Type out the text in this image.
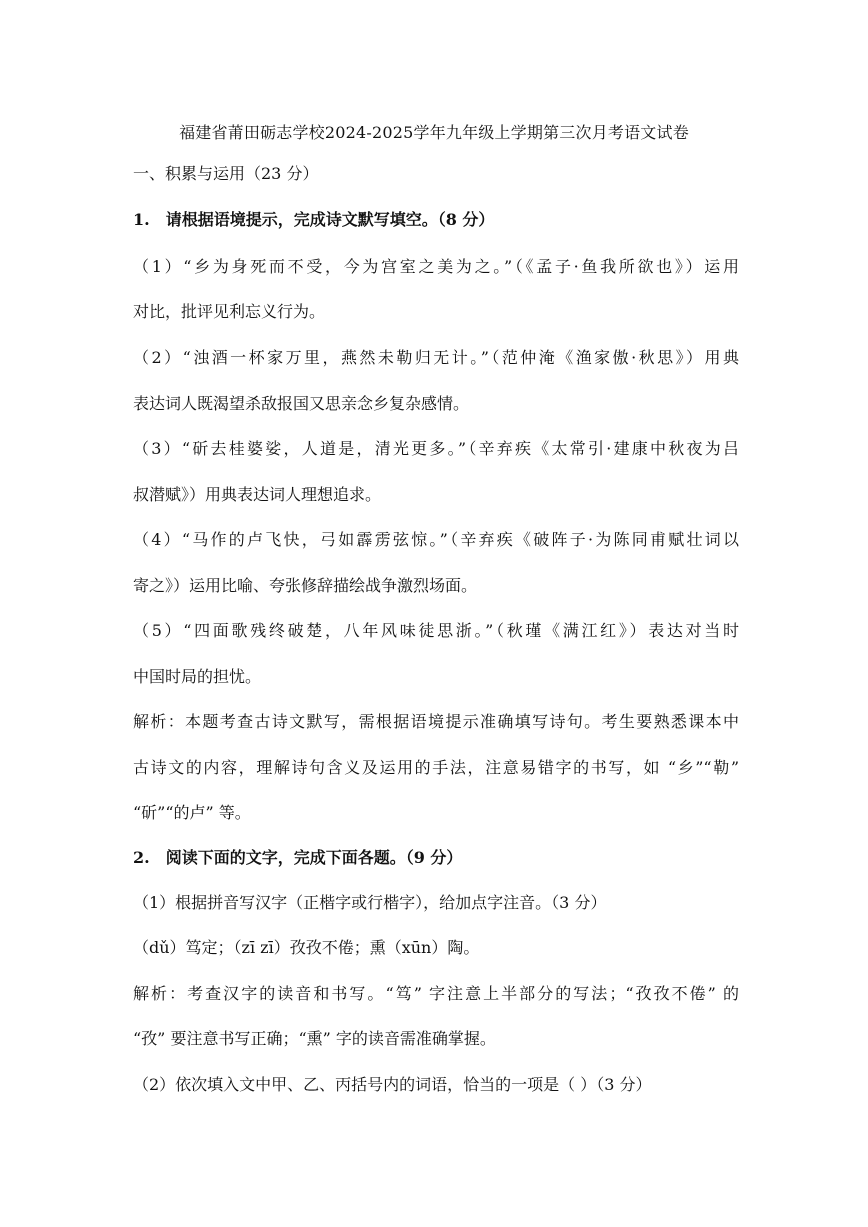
福建省莆田砺志学校2024-2025学年九年级上学期第三次月考语文试卷
一、积累与运用（23 分）
1.　请根据语境提示，完成诗文默写填空。（8 分）
（1）“乡为身死而不受，今为宫室之美为之。”（《孟子·鱼我所欲也》）运用
对比，批评见利忘义行为。
（2）“浊酒一杯家万里，燕然未勒归无计。”（范仲淹《渔家傲·秋思》）用典
表达词人既渴望杀敌报国又思亲念乡复杂感情。
（3）“斫去桂婆娑，人道是，清光更多。”（辛弃疾《太常引·建康中秋夜为吕
叔潜赋》）用典表达词人理想追求。
（4）“马作的卢飞快，弓如霹雳弦惊。”（辛弃疾《破阵子·为陈同甫赋壮词以
寄之》）运用比喻、夸张修辞描绘战争激烈场面。
（5）“四面歌残终破楚，八年风味徒思浙。”（秋瑾《满江红》）表达对当时
中国时局的担忧。
解析：本题考查古诗文默写，需根据语境提示准确填写诗句。考生要熟悉课本中
古诗文的内容，理解诗句含义及运用的手法，注意易错字的书写，如 “乡”“勒”
“斫”“的卢” 等。
2.　阅读下面的文字，完成下面各题。（9 分）
（1）根据拼音写汉字（正楷字或行楷字），给加点字注音。（3 分）
（dǔ）笃定；（zī zī）孜孜不倦；熏（xūn）陶。
解析：考查汉字的读音和书写。“笃” 字注意上半部分的写法；“孜孜不倦” 的
“孜” 要注意书写正确；“熏” 字的读音需准确掌握。
（2）依次填入文中甲、乙、丙括号内的词语，恰当的一项是（ ）（3 分）
